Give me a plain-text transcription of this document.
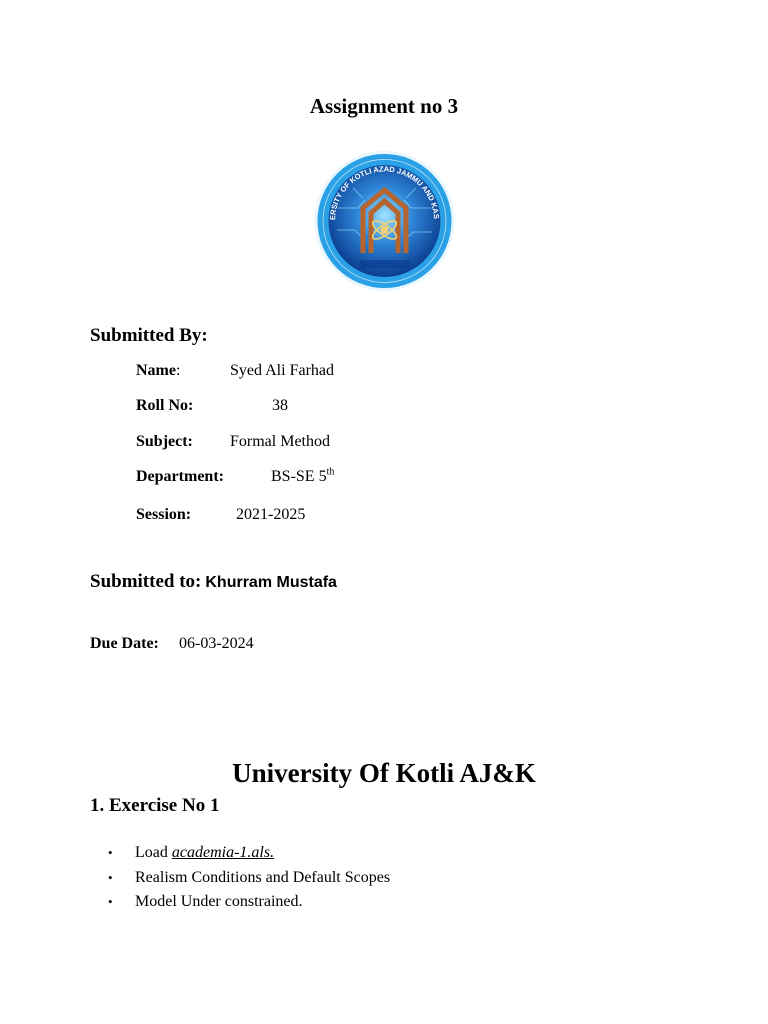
Assignment no 3
ERSITY OF KOTLI AZAD JAMMU AND KAS
Submitted By:
Name:	Syed Ali Farhad
Roll No:	38
Subject: Formal Method
Department:	BS-SE 5th
Session:	2021-2025
Submitted to: Khurram Mustafa
Due Date: 06-03-2024
University Of Kotli AJ&K
1. Exercise No 1
• Load academia-1.als.
• Realism Conditions and Default Scopes
• Model Under constrained.
